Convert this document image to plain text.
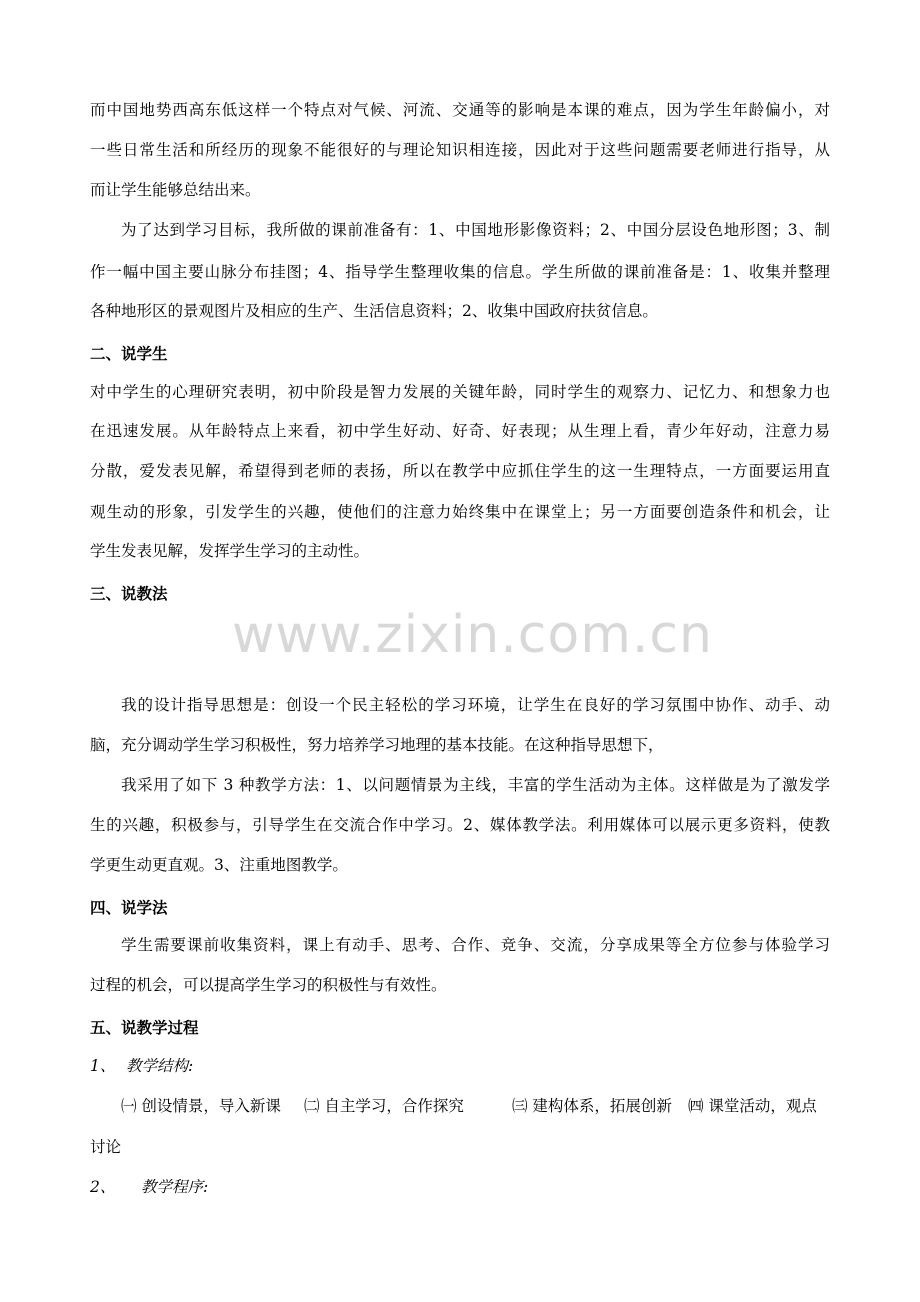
而中国地势西高东低这样一个特点对气候、河流、交通等的影响是本课的难点，因为学生年龄偏小，对
一些日常生活和所经历的现象不能很好的与理论知识相连接，因此对于这些问题需要老师进行指导，从
而让学生能够总结出来。
为了达到学习目标，我所做的课前准备有：1、中国地形影像资料；2、中国分层设色地形图；3、制
作一幅中国主要山脉分布挂图；4、指导学生整理收集的信息。学生所做的课前准备是：1、收集并整理
各种地形区的景观图片及相应的生产、生活信息资料；2、收集中国政府扶贫信息。
二、说学生
对中学生的心理研究表明，初中阶段是智力发展的关键年龄，同时学生的观察力、记忆力、和想象力也
在迅速发展。从年龄特点上来看，初中学生好动、好奇、好表现；从生理上看，青少年好动，注意力易
分散，爱发表见解，希望得到老师的表扬，所以在教学中应抓住学生的这一生理特点，一方面要运用直
观生动的形象，引发学生的兴趣，使他们的注意力始终集中在课堂上；另一方面要创造条件和机会，让
学生发表见解，发挥学生学习的主动性。
三、说教法
www.zixin.com.cn
我的设计指导思想是：创设一个民主轻松的学习环境，让学生在良好的学习氛围中协作、动手、动
脑，充分调动学生学习积极性，努力培养学习地理的基本技能。在这种指导思想下，
我采用了如下 3 种教学方法：1、以问题情景为主线，丰富的学生活动为主体。这样做是为了激发学
生的兴趣，积极参与，引导学生在交流合作中学习。2、媒体教学法。利用媒体可以展示更多资料，使教
学更生动更直观。3、注重地图教学。
四、说学法
学生需要课前收集资料，课上有动手、思考、合作、竞争、交流，分享成果等全方位参与体验学习
过程的机会，可以提高学生学习的积极性与有效性。
五、说教学过程
1、 教学结构:
㈠ 创设情景，导入新课 ㈡ 自主学习，合作探究	㈢ 建构体系，拓展创新 ㈣ 课堂活动，观点
讨论
2、 教学程序:
